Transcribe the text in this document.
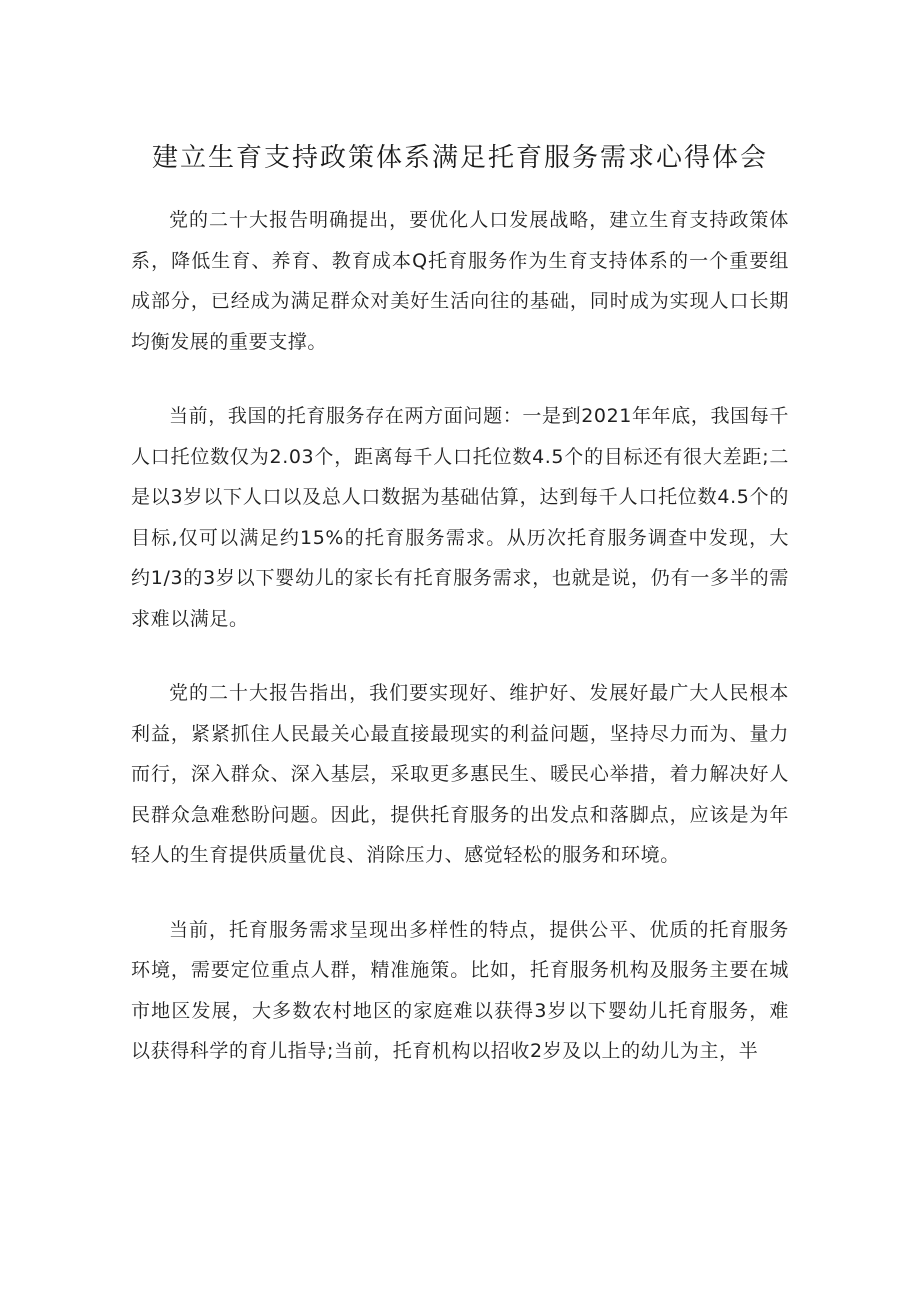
建立生育支持政策体系满足托育服务需求心得体会

党的二十大报告明确提出，要优化人口发展战略，建立生育支持政策体系，降低生育、养育、教育成本Q托育服务作为生育支持体系的一个重要组成部分，已经成为满足群众对美好生活向往的基础，同时成为实现人口长期均衡发展的重要支撑。

当前，我国的托育服务存在两方面问题：一是到2021年年底，我国每千人口托位数仅为2.03个，距离每千人口托位数4.5个的目标还有很大差距;二是以3岁以下人口以及总人口数据为基础估算，达到每千人口托位数4.5个的目标,仅可以满足约15%的托育服务需求。从历次托育服务调查中发现，大约1/3的3岁以下婴幼儿的家长有托育服务需求，也就是说，仍有一多半的需求难以满足。

党的二十大报告指出，我们要实现好、维护好、发展好最广大人民根本利益，紧紧抓住人民最关心最直接最现实的利益问题，坚持尽力而为、量力而行，深入群众、深入基层，采取更多惠民生、暖民心举措，着力解决好人民群众急难愁盼问题。因此，提供托育服务的出发点和落脚点，应该是为年轻人的生育提供质量优良、消除压力、感觉轻松的服务和环境。

当前，托育服务需求呈现出多样性的特点，提供公平、优质的托育服务环境，需要定位重点人群，精准施策。比如，托育服务机构及服务主要在城市地区发展，大多数农村地区的家庭难以获得3岁以下婴幼儿托育服务，难以获得科学的育儿指导;当前，托育机构以招收2岁及以上的幼儿为主，半
